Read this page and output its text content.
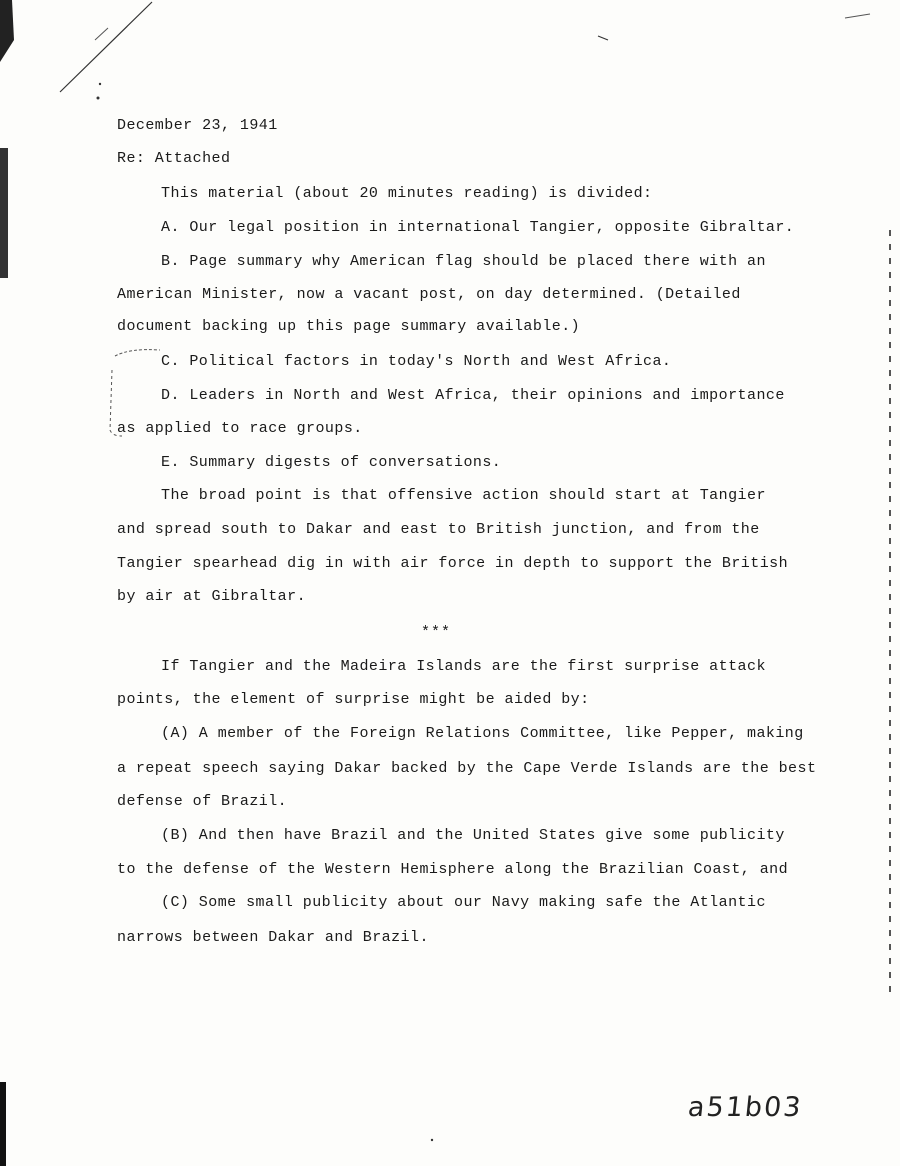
December 23, 1941
Re: Attached
This material (about 20 minutes reading) is divided:
A. Our legal position in international Tangier, opposite Gibraltar.
B. Page summary why American flag should be placed there with an
American Minister, now a vacant post, on day determined. (Detailed
document backing up this page summary available.)
C. Political factors in today's North and West Africa.
D. Leaders in North and West Africa, their opinions and importance
as applied to race groups.
E. Summary digests of conversations.
The broad point is that offensive action should start at Tangier
and spread south to Dakar and east to British junction, and from the
Tangier spearhead dig in with air force in depth to support the British
by air at Gibraltar.
***
If Tangier and the Madeira Islands are the first surprise attack
points, the element of surprise might be aided by:
(A) A member of the Foreign Relations Committee, like Pepper, making
a repeat speech saying Dakar backed by the Cape Verde Islands are the best
defense of Brazil.
(B) And then have Brazil and the United States give some publicity
to the defense of the Western Hemisphere along the Brazilian Coast, and
(C) Some small publicity about our Navy making safe the Atlantic
narrows between Dakar and Brazil.
a51b03
